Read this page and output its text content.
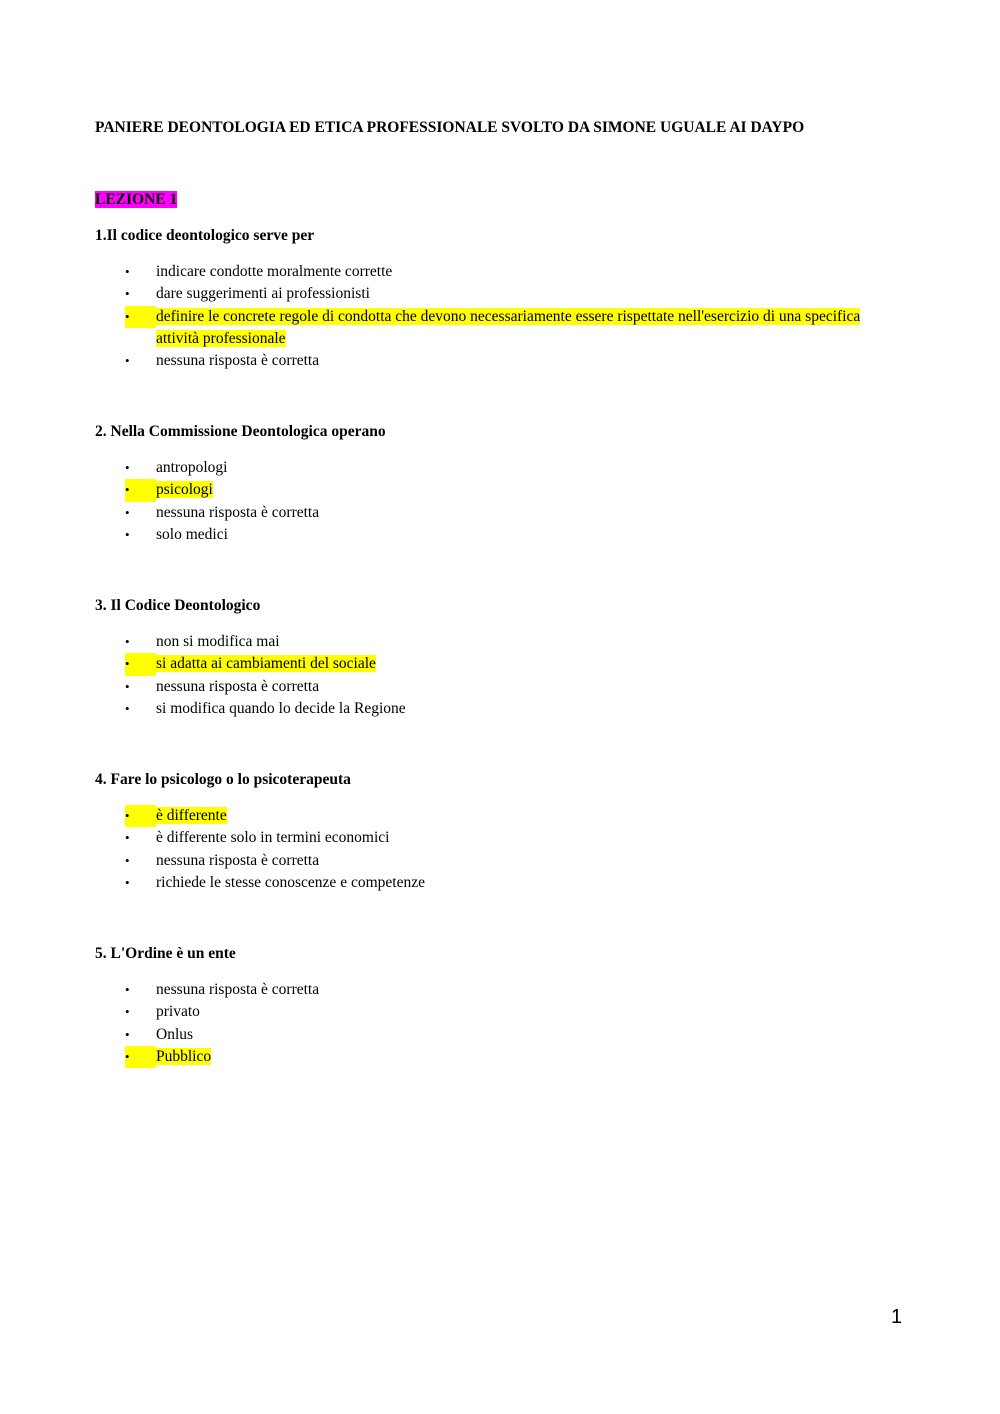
PANIERE DEONTOLOGIA ED ETICA PROFESSIONALE SVOLTO DA SIMONE UGUALE AI DAYPO
LEZIONE 1

1.Il codice deontologico serve per

• indicare condotte moralmente corrette
• dare suggerimenti ai professionisti
•	definire le concrete regole di condotta che devono necessariamente essere rispettate nell'esercizio di una specifica attività professionale
• nessuna risposta è corretta

2. Nella Commissione Deontologica operano

• antropologi
•	psicologi
• nessuna risposta è corretta
• solo medici

3. Il Codice Deontologico

• non si modifica mai
•	si adatta ai cambiamenti del sociale
• nessuna risposta è corretta
• si modifica quando lo decide la Regione

4. Fare lo psicologo o lo psicoterapeuta

•	è differente
• è differente solo in termini economici
• nessuna risposta è corretta
• richiede le stesse conoscenze e competenze

5. L'Ordine è un ente

• nessuna risposta è corretta
• privato
• Onlus
•	Pubblico
1
